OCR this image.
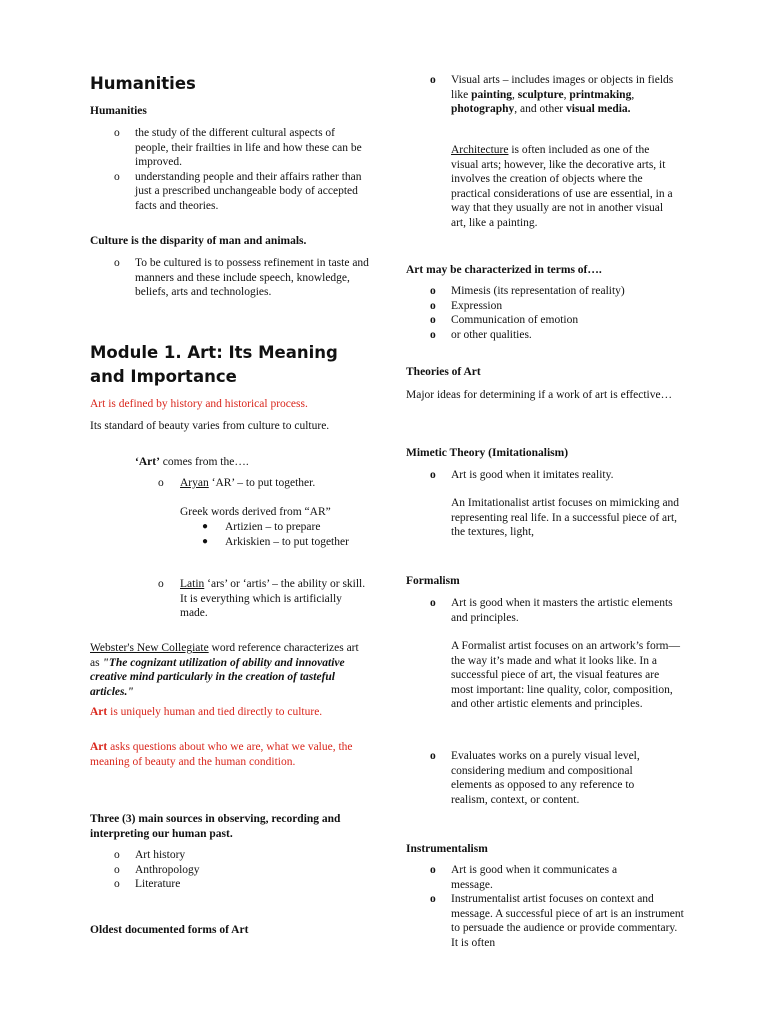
Humanities
Humanities
o the study of the different cultural aspects of people, their frailties in life and how these can be improved.
o understanding people and their affairs rather than just a prescribed unchangeable body of accepted facts and theories.
Culture is the disparity of man and animals.
o To be cultured is to possess refinement in taste and manners and these include speech, knowledge, beliefs, arts and technologies.
Module 1. Art: Its Meaning and Importance
Art is defined by history and historical process.
Its standard of beauty varies from culture to culture.
‘Art’ comes from the….
o Aryan ‘AR’ – to put together.
Greek words derived from “AR”
● Artizien – to prepare
● Arkiskien – to put together
o Latin ‘ars’ or ‘artis’ – the ability or skill. It is everything which is artificially made.
Webster's New Collegiate word reference characterizes art as "The cognizant utilization of ability and innovative creative mind particularly in the creation of tasteful articles."
Art is uniquely human and tied directly to culture.
Art asks questions about who we are, what we value, the meaning of beauty and the human condition.
Three (3) main sources in observing, recording and interpreting our human past.
o Art history
o Anthropology
o Literature
Oldest documented forms of Art
o Visual arts – includes images or objects in fields like painting, sculpture, printmaking, photography, and other visual media.
Architecture is often included as one of the visual arts; however, like the decorative arts, it involves the creation of objects where the practical considerations of use are essential, in a way that they usually are not in another visual art, like a painting.
Art may be characterized in terms of….
o Mimesis (its representation of reality)
o Expression
o Communication of emotion
o or other qualities.
Theories of Art
Major ideas for determining if a work of art is effective…
Mimetic Theory (Imitationalism)
o Art is good when it imitates reality.
An Imitationalist artist focuses on mimicking and representing real life. In a successful piece of art, the textures, light,
Formalism
o Art is good when it masters the artistic elements and principles.
A Formalist artist focuses on an artwork’s form—the way it’s made and what it looks like. In a successful piece of art, the visual features are most important: line quality, color, composition, and other artistic elements and principles.
o Evaluates works on a purely visual level, considering medium and compositional elements as opposed to any reference to realism, context, or content.
Instrumentalism
o Art is good when it communicates a message.
o Instrumentalist artist focuses on context and message. A successful piece of art is an instrument to persuade the audience or provide commentary. It is often
